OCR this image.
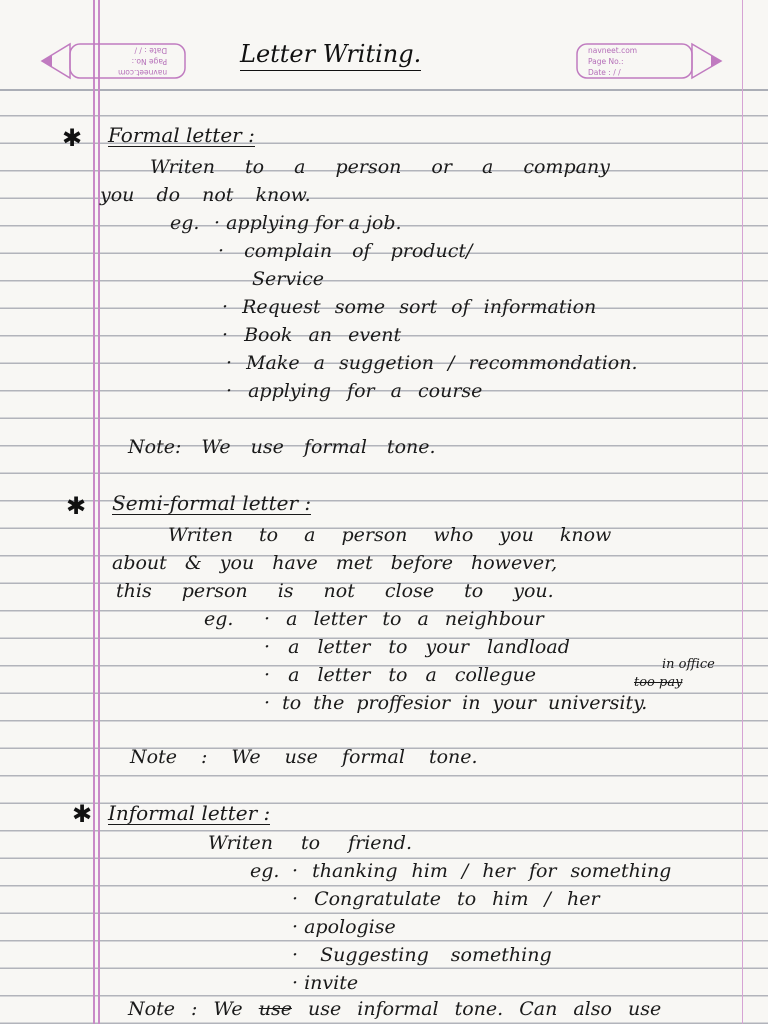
navneet.com
Page No.:
Date : / /	navneet.com
Page No.:
Date : / /
Letter Writing.
✱ Formal letter :
Writen to a person or a company
you do not know.
eg. · applying for a job.
· complain of product/
Service
· Request some sort of information
· Book an event
· Make a suggetion / recommondation.
· applying for a course
Note: We use formal tone.
✱ Semi-formal letter :
Writen to a person who you know
about & you have met before however,
this person is not close to you.
eg. · a letter to a neighbour
· a letter to your landload
· a letter to a collegue	too pay
in office
· to the proffesior in your university.
Note : We use formal tone.
✱ Informal letter :
Writen to friend.
eg. · thanking him / her for something
· Congratulate to him / her
· apologise
· Suggesting something
· invite
Note : We use use informal tone. Can also use
